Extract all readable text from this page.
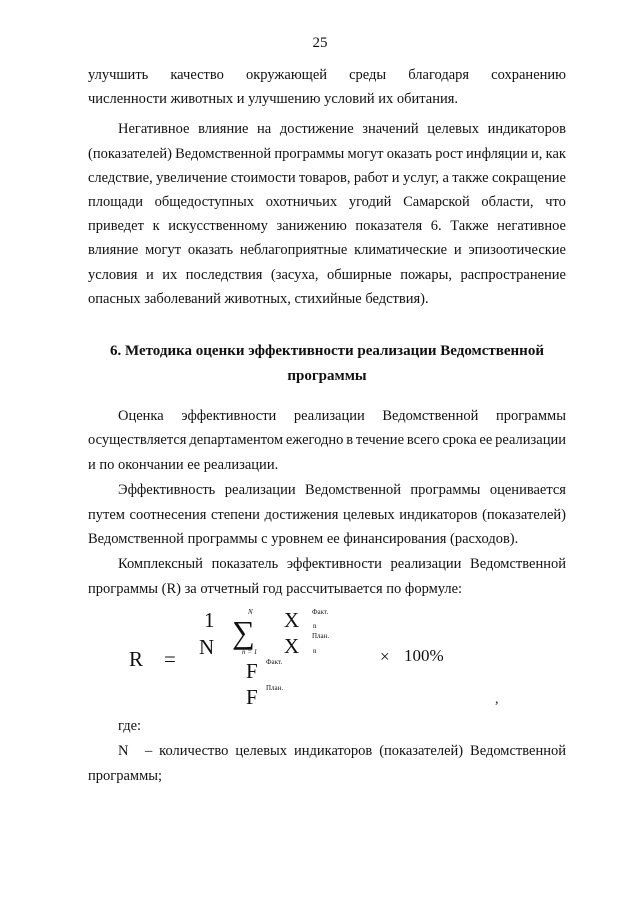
25
улучшить качество окружающей среды благодаря сохранению
численности животных и улучшению условий их обитания.
Негативное влияние на достижение значений целевых индикаторов
(показателей) Ведомственной программы могут оказать рост инфляции и, как
следствие, увеличение стоимости товаров, работ и услуг, а также сокращение
площади общедоступных охотничьих угодий Самарской области, что
приведет к искусственному занижению показателя 6. Также негативное
влияние могут оказать неблагоприятные климатические и эпизоотические
условия и их последствия (засуха, обширные пожары, распространение
опасных заболеваний животных, стихийные бедствия).
6. Методика оценки эффективности реализации Ведомственной
программы
Оценка эффективности реализации Ведомственной программы
осуществляется департаментом ежегодно в течение всего срока ее реализации
и по окончании ее реализации.
Эффективность реализации Ведомственной программы оценивается
путем соотнесения степени достижения целевых индикаторов (показателей)
Ведомственной программы с уровнем ее финансирования (расходов).
Комплексный показатель эффективности реализации Ведомственной
программы (R) за отчетный год рассчитывается по формуле:
R =
1
N
N
∑
n = 1
X Факт.
n
X План.
n
F Факт.
F План.
× 100%
,
где:
N – количество целевых индикаторов (показателей) Ведомственной
программы;
